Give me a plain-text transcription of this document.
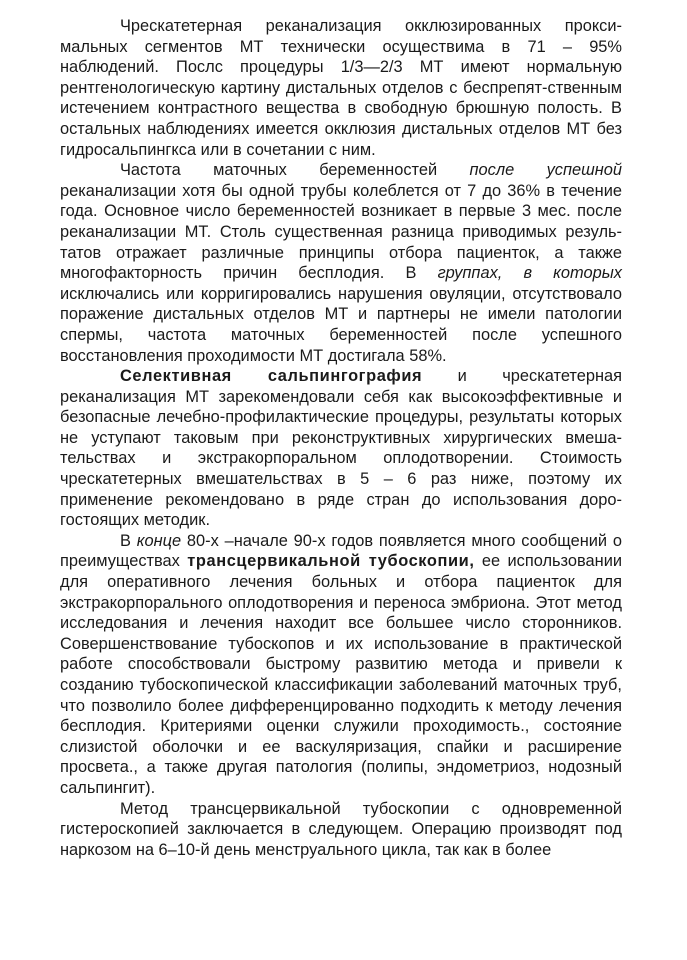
Чрескатетерная реканализация окклюзированных прокси-мальных сегментов МТ технически осуществима в 71 – 95% наблюдений. Послс процедуры 1/3—2/3 МТ имеют нормальную рентгенологическую картину дистальных отделов с беспрепят-ственным истечением контрастного вещества в свободную брюшную полость. В остальных наблюдениях имеется окклюзия дистальных отделов МТ без гидросальпингкса или в сочетании с ним.

Частота маточных беременностей после успешной реканализации хотя бы одной трубы колеблется от 7 до 36% в течение года. Основное число беременностей возникает в первые 3 мес. после реканализации МТ. Столь существенная разница приводимых резуль-татов отражает различные принципы отбора пациенток, а также многофакторность причин бесплодия. В группах, в которых исключались или корригировались нарушения овуляции, отсутствовало поражение дистальных отделов МТ и партнеры не имели патологии спермы, частота маточных беременностей после успешного восстановления проходимости МТ достигала 58%.

Селективная сальпингография и чрескатетерная реканализация МТ зарекомендовали себя как высокоэффективные и безопасные лечебно-профилактические процедуры, результаты которых не уступают таковым при реконструктивных хирургических вмеша-тельствах и экстракорпоральном оплодотворении. Стоимость чрескатетерных вмешательствах в 5 – 6 раз ниже, поэтому их применение рекомендовано в ряде стран до использования доро-гостоящих методик.

В конце 80-х –начале 90-х годов появляется много сообщений о преимуществах трансцервикальной тубоскопии, ее использовании для оперативного лечения больных и отбора пациенток для экстракорпорального оплодотворения и переноса эмбриона. Этот метод исследования и лечения находит все большее число сторонников. Совершенствование тубоскопов и их использование в практической работе способствовали быстрому развитию метода и привели к созданию тубоскопической классификации заболеваний маточных труб, что позволило более дифференцированно подходить к методу лечения бесплодия. Критериями оценки служили проходимость., состояние слизистой оболочки и ее васкуляризация, спайки и расширение просвета., а также другая патология (полипы, эндометриоз, нодозный сальпингит).

Метод трансцервикальной тубоскопии с одновременной гистероскопией заключается в следующем. Операцию производят под наркозом на 6–10-й день менструального цикла, так как в более
